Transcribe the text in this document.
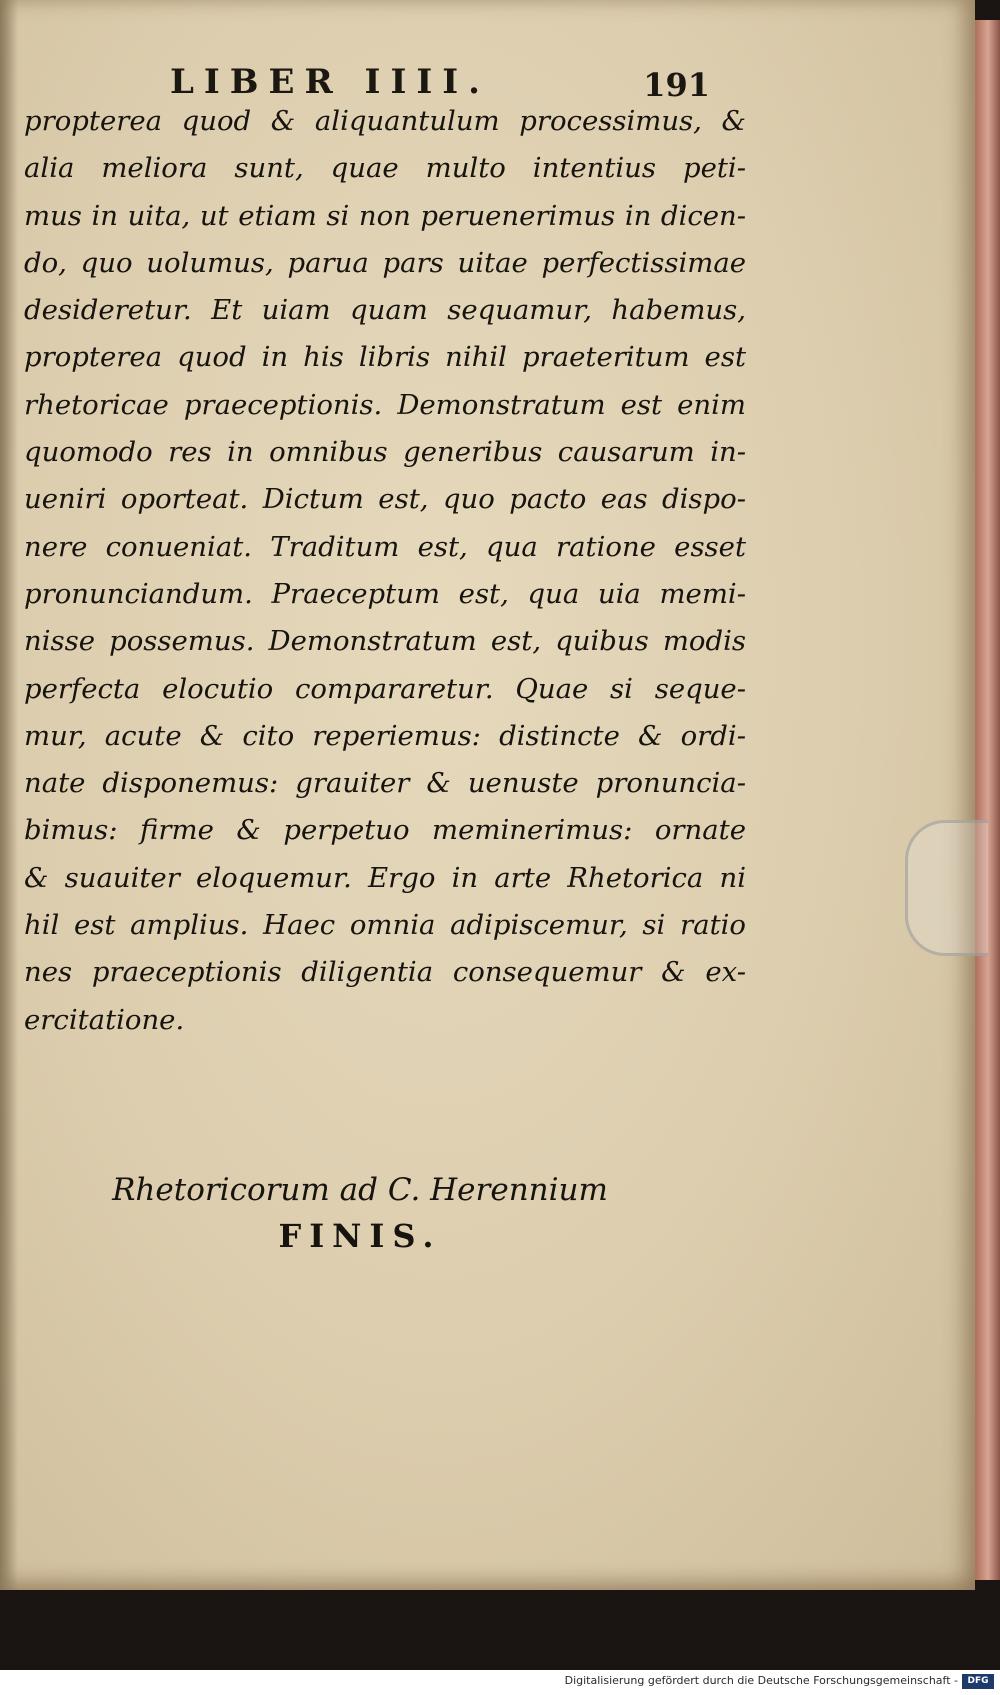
LIBER IIII.	191
propterea quod & aliquantulum processimus, &
alia meliora sunt, quae multo intentius peti-
mus in uita, ut etiam si non peruenerimus in dicen-
do, quo uolumus, parua pars uitae perfectissimae
desideretur. Et uiam quam sequamur, habemus,
propterea quod in his libris nihil praeteritum est
rhetoricae praeceptionis. Demonstratum est enim
quomodo res in omnibus generibus causarum in-
ueniri oporteat. Dictum est, quo pacto eas dispo-
nere conueniat. Traditum est, qua ratione esset
pronunciandum. Praeceptum est, qua uia memi-
nisse possemus. Demonstratum est, quibus modis
perfecta elocutio compararetur. Quae si seque-
mur, acute & cito reperiemus: distincte & ordi-
nate disponemus: grauiter & uenuste pronuncia-
bimus: firme & perpetuo meminerimus: ornate
& suauiter eloquemur. Ergo in arte Rhetorica ni
hil est amplius. Haec omnia adipiscemur, si ratio
nes praeceptionis diligentia consequemur & ex-
ercitatione.
Rhetoricorum ad C. Herennium
FINIS.
Digitalisierung gefördert durch die Deutsche Forschungsgemeinschaft -	DFG
